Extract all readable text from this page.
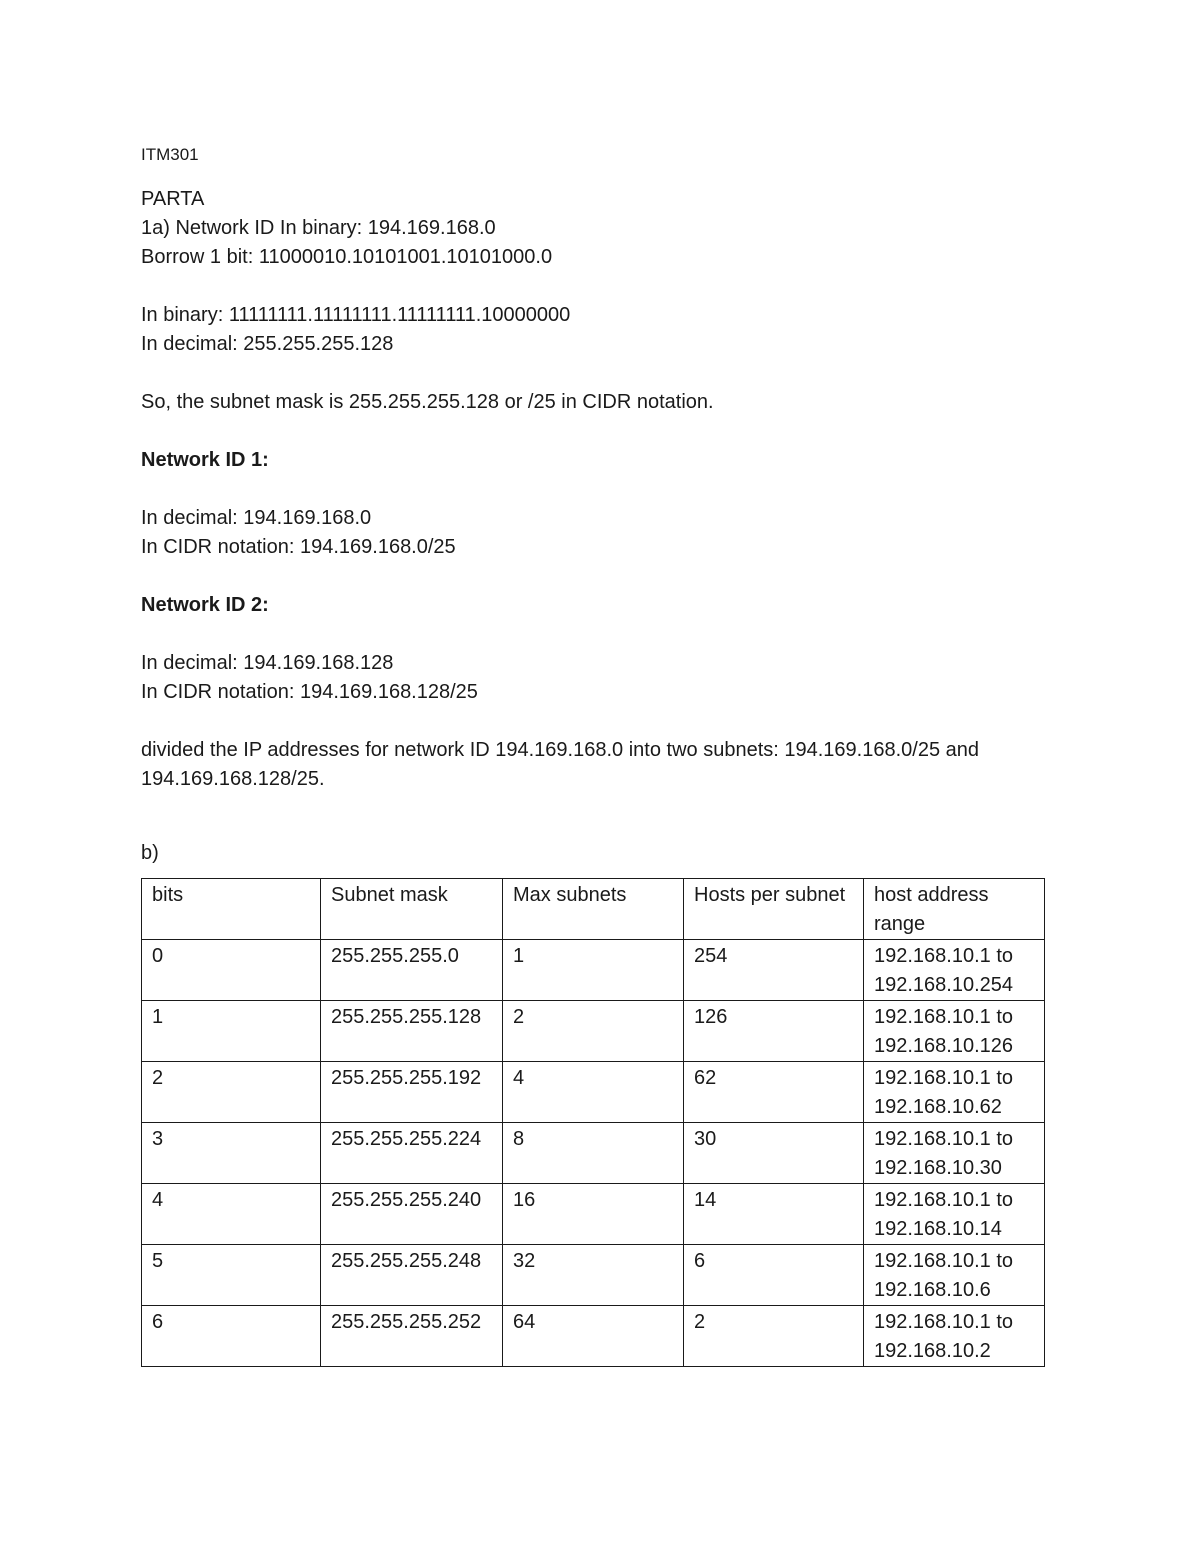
ITM301
PARTA
1a) Network ID In binary: 194.169.168.0
Borrow 1 bit: 11000010.10101001.10101000.0
In binary: 11111111.11111111.11111111.10000000
In decimal: 255.255.255.128
So, the subnet mask is 255.255.255.128 or /25 in CIDR notation.
Network ID 1:
In decimal: 194.169.168.0
In CIDR notation: 194.169.168.0/25
Network ID 2:
In decimal: 194.169.168.128
In CIDR notation: 194.169.168.128/25
divided the IP addresses for network ID 194.169.168.0 into two subnets: 194.169.168.0/25 and 194.169.168.128/25.
b)
bits	Subnet mask	Max subnets	Hosts per subnet	host address range
0	255.255.255.0	1	254	192.168.10.1 to
192.168.10.254

1	255.255.255.128	2	126	192.168.10.1 to
192.168.10.126

2	255.255.255.192	4	62	192.168.10.1 to
192.168.10.62

3	255.255.255.224	8	30	192.168.10.1 to
192.168.10.30

4	255.255.255.240	16	14	192.168.10.1 to
192.168.10.14

5	255.255.255.248	32	6	192.168.10.1 to
192.168.10.6

6	255.255.255.252	64	2	192.168.10.1 to
192.168.10.2
